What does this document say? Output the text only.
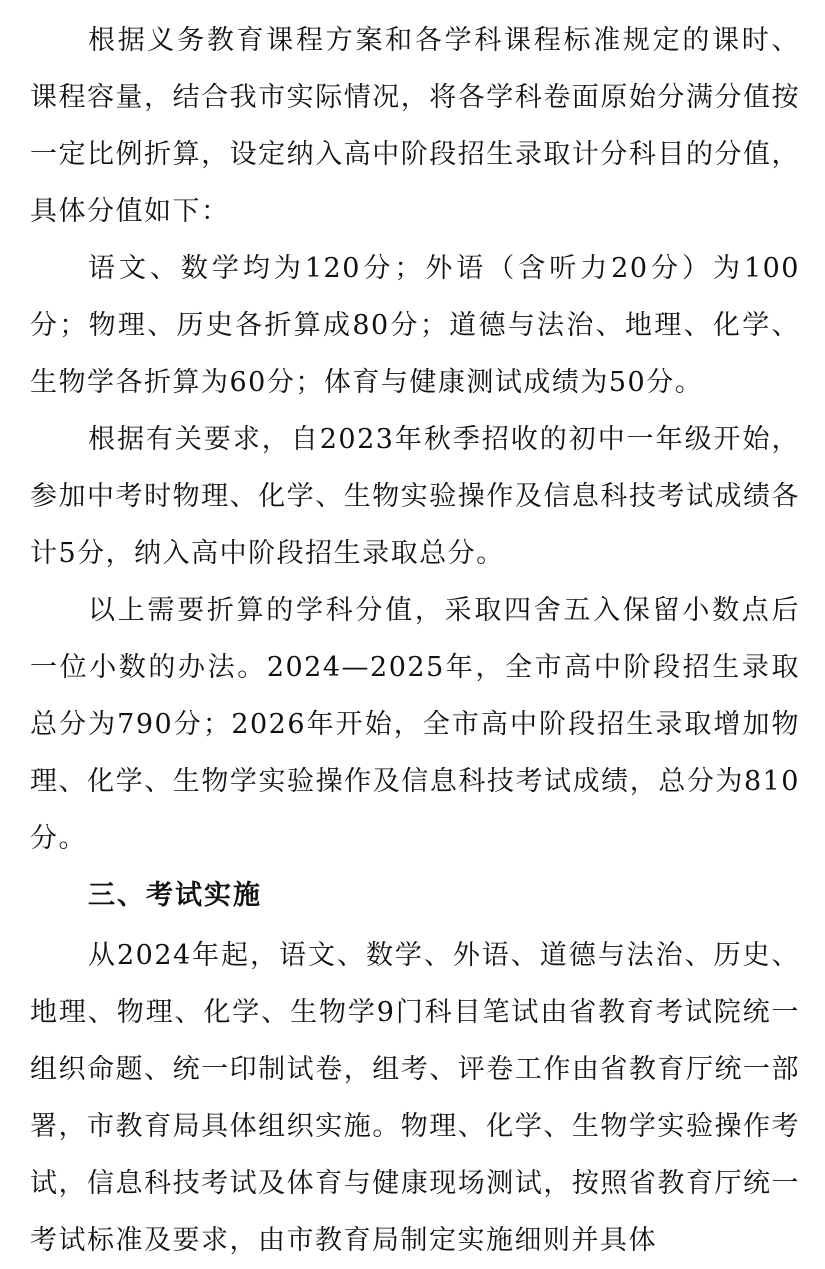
根据义务教育课程方案和各学科课程标准规定的课时、课程容量，结合我市实际情况，将各学科卷面原始分满分值按一定比例折算，设定纳入高中阶段招生录取计分科目的分值，具体分值如下：

语文、数学均为120分；外语（含听力20分）为100分；物理、历史各折算成80分；道德与法治、地理、化学、生物学各折算为60分；体育与健康测试成绩为50分。

根据有关要求，自2023年秋季招收的初中一年级开始，参加中考时物理、化学、生物实验操作及信息科技考试成绩各计5分，纳入高中阶段招生录取总分。

以上需要折算的学科分值，采取四舍五入保留小数点后一位小数的办法。2024—2025年，全市高中阶段招生录取总分为790分；2026年开始，全市高中阶段招生录取增加物理、化学、生物学实验操作及信息科技考试成绩，总分为810分。

三、考试实施

从2024年起，语文、数学、外语、道德与法治、历史、地理、物理、化学、生物学9门科目笔试由省教育考试院统一组织命题、统一印制试卷，组考、评卷工作由省教育厅统一部署，市教育局具体组织实施。物理、化学、生物学实验操作考试，信息科技考试及体育与健康现场测试，按照省教育厅统一考试标准及要求，由市教育局制定实施细则并具体
